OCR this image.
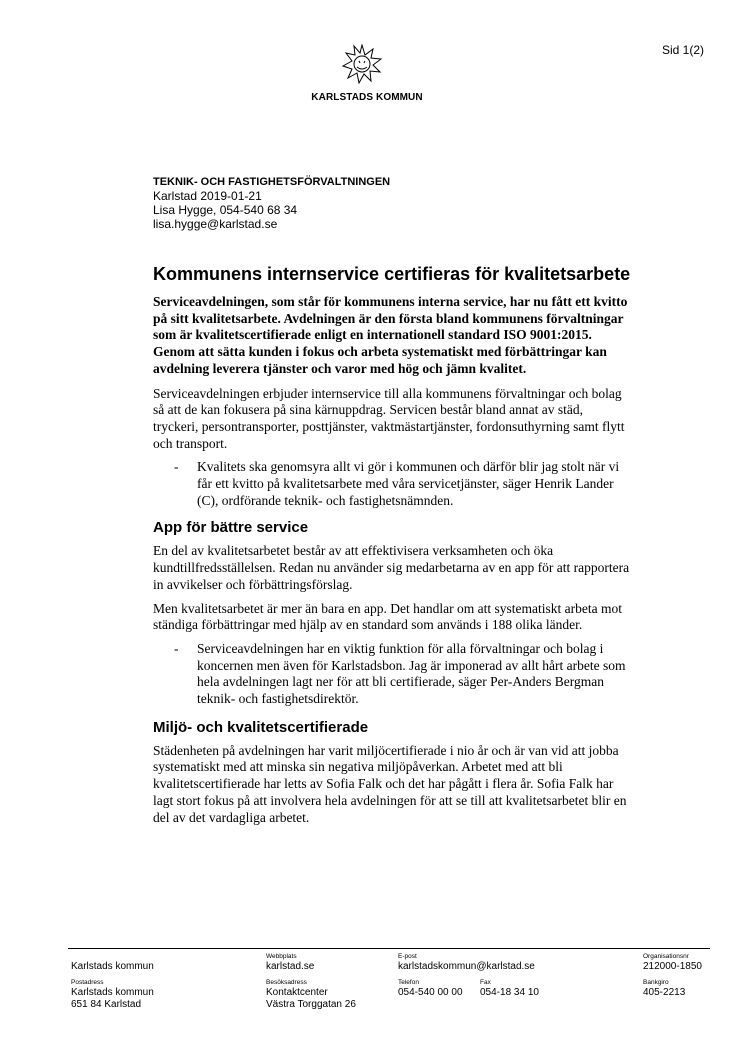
Sid 1(2)
KARLSTADS KOMMUN
TEKNIK- OCH FASTIGHETSFÖRVALTNINGEN
Karlstad 2019-01-21
Lisa Hygge, 054-540 68 34
lisa.hygge@karlstad.se
Kommunens internservice certifieras för kvalitetsarbete

Serviceavdelningen, som står för kommunens interna service, har nu fått ett kvitto på sitt kvalitetsarbete. Avdelningen är den första bland kommunens förvaltningar som är kvalitetscertifierade enligt en internationell standard ISO 9001:2015. Genom att sätta kunden i fokus och arbeta systematiskt med förbättringar kan avdelning leverera tjänster och varor med hög och jämn kvalitet.

Serviceavdelningen erbjuder internservice till alla kommunens förvaltningar och bolag så att de kan fokusera på sina kärnuppdrag. Servicen består bland annat av städ, tryckeri, persontransporter, posttjänster, vaktmästartjänster, fordonsuthyrning samt flytt och transport.

-	Kvalitets ska genomsyra allt vi gör i kommunen och därför blir jag stolt när vi får ett kvitto på kvalitetsarbete med våra servicetjänster, säger Henrik Lander (C), ordförande teknik- och fastighetsnämnden.
App för bättre service

En del av kvalitetsarbetet består av att effektivisera verksamheten och öka kundtillfredsställelsen. Redan nu använder sig medarbetarna av en app för att rapportera in avvikelser och förbättringsförslag.

Men kvalitetsarbetet är mer än bara en app. Det handlar om att systematiskt arbeta mot ständiga förbättringar med hjälp av en standard som används i 188 olika länder.

-	Serviceavdelningen har en viktig funktion för alla förvaltningar och bolag i koncernen men även för Karlstadsbon. Jag är imponerad av allt hårt arbete som hela avdelningen lagt ner för att bli certifierade, säger Per-Anders Bergman teknik- och fastighetsdirektör.
Miljö- och kvalitetscertifierade

Städenheten på avdelningen har varit miljöcertifierade i nio år och är van vid att jobba systematiskt med att minska sin negativa miljöpåverkan. Arbetet med att bli kvalitetscertifierade har letts av Sofia Falk och det har pågått i flera år. Sofia Falk har lagt stort fokus på att involvera hela avdelningen för att se till att kvalitetsarbetet blir en del av det vardagliga arbetet.

Karlstads kommun
Webbplats
karlstad.se
E-post
karlstadskommun@karlstad.se
Organisationsnr
212000-1850
Postadress
Karlstads kommun
651 84 Karlstad
Besöksadress
Kontaktcenter
Västra Torggatan 26
Telefon
054-540 00 00
Fax
054-18 34 10
Bankgiro
405-2213
